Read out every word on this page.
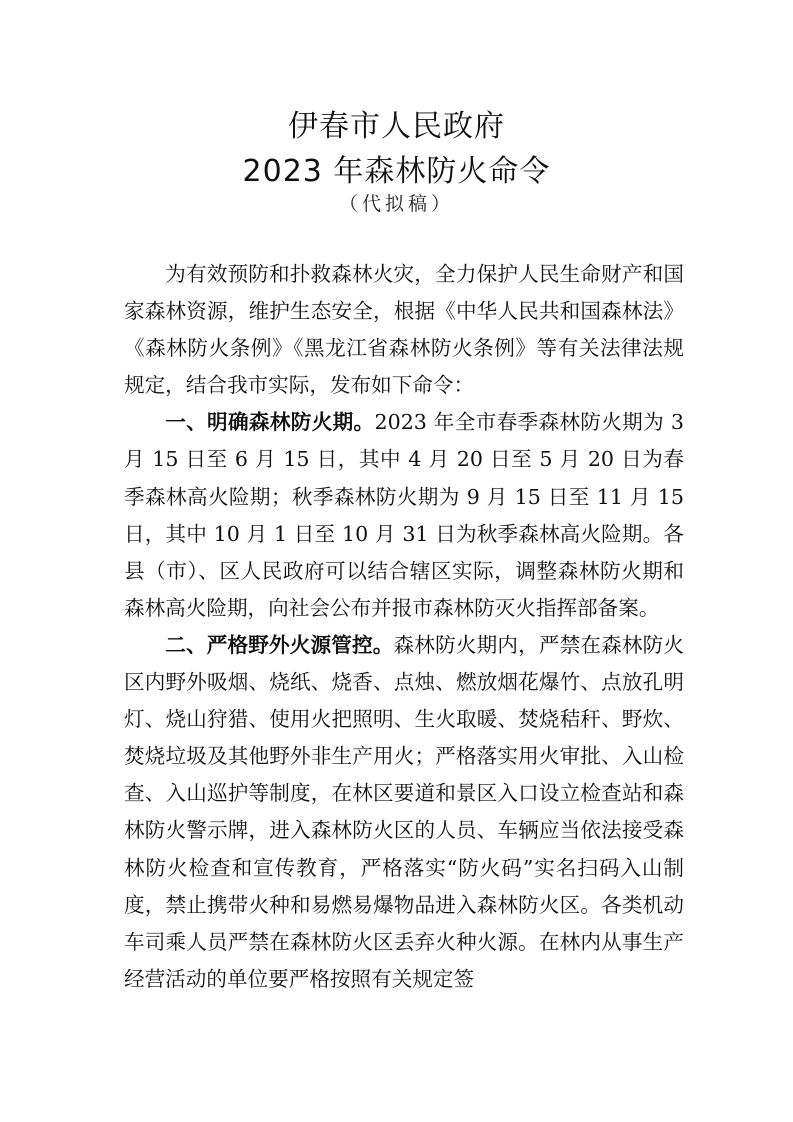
伊春市人民政府
2023 年森林防火命令
（代拟稿）

为有效预防和扑救森林火灾，全力保护人民生命财产和国家森林资源，维护生态安全，根据《中华人民共和国森林法》《森林防火条例》《黑龙江省森林防火条例》等有关法律法规规定，结合我市实际，发布如下命令：

一、明确森林防火期。2023 年全市春季森林防火期为 3 月 15 日至 6 月 15 日，其中 4 月 20 日至 5 月 20 日为春季森林高火险期；秋季森林防火期为 9 月 15 日至 11 月 15 日，其中 10 月 1 日至 10 月 31 日为秋季森林高火险期。各县（市）、区人民政府可以结合辖区实际，调整森林防火期和森林高火险期，向社会公布并报市森林防灭火指挥部备案。

二、严格野外火源管控。森林防火期内，严禁在森林防火区内野外吸烟、烧纸、烧香、点烛、燃放烟花爆竹、点放孔明灯、烧山狩猎、使用火把照明、生火取暖、焚烧秸秆、野炊、焚烧垃圾及其他野外非生产用火；严格落实用火审批、入山检查、入山巡护等制度，在林区要道和景区入口设立检查站和森林防火警示牌，进入森林防火区的人员、车辆应当依法接受森林防火检查和宣传教育，严格落实“防火码”实名扫码入山制度，禁止携带火种和易燃易爆物品进入森林防火区。各类机动车司乘人员严禁在森林防火区丢弃火种火源。在林内从事生产经营活动的单位要严格按照有关规定签
